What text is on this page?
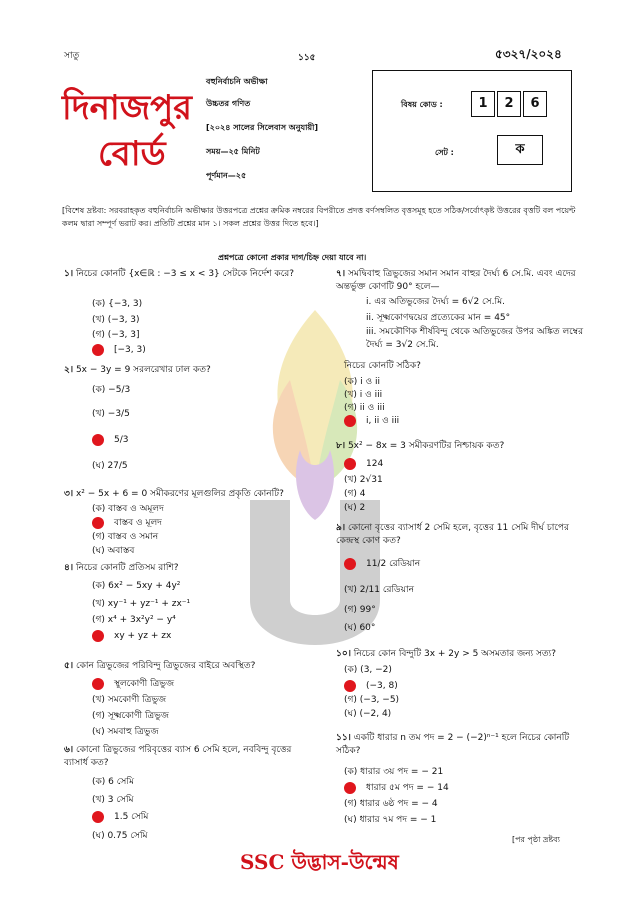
সাতু	১১৫	৫৩২৭/২০২৪
দিনাজপুর
বোর্ড
বহুনির্বাচনি অভীক্ষা
উচ্চতর গণিত
[২০২৪ সালের সিলেবাস অনুযায়ী]
সময়—২৫ মিনিট
পূর্ণমান—২৫
বিষয় কোড :	1	2	6
সেট :	ক
[বিশেষ দ্রষ্টব্য: সরবরাহকৃত বহুনির্বাচনি অভীক্ষার উত্তরপত্রে প্রশ্নের ক্রমিক নম্বরের বিপরীতে প্রদত্ত বর্ণসম্বলিত বৃত্তসমূহ হতে সঠিক/সর্বোৎকৃষ্ট উত্তরের বৃত্তটি বল পয়েন্ট কলম দ্বারা সম্পূর্ণ ভরাট কর। প্রতিটি প্রশ্নের মান ১। সকল প্রশ্নের উত্তর দিতে হবে।]
প্রশ্নপত্রে কোনো প্রকার দাগ/চিহ্ন দেয়া যাবে না।
১। নিচের কোনটি {x∈ℝ : −3 ≤ x < 3} সেটকে নির্দেশ করে?
(ক) {−3, 3)
(খ) (−3, 3)
(গ) (−3, 3]
[−3, 3)
২। 5x − 3y = 9 সরলরেখার ঢাল কত?
(ক) −5/3
(খ) −3/5
5/3
(ঘ) 27/5
৩। x² − 5x + 6 = 0 সমীকরণের মূলগুলির প্রকৃতি কোনটি?
(ক) বাস্তব ও অমূলদ
বাস্তব ও মূলদ
(গ) বাস্তব ও সমান
(ঘ) অবাস্তব
৪। নিচের কোনটি প্রতিসম রাশি?
(ক) 6x² − 5xy + 4y²
(খ) xy⁻¹ + yz⁻¹ + zx⁻¹
(গ) x⁴ + 3x²y² − y⁴
xy + yz + zx
৫। কোন ত্রিভুজের পরিবিন্দু ত্রিভুজের বাইরে অবস্থিত?
স্থূলকোণী ত্রিভুজ
(খ) সমকোণী ত্রিভুজ
(গ) সূক্ষ্মকোণী ত্রিভুজ
(ঘ) সমবাহু ত্রিভুজ
৬। কোনো ত্রিভুজের পরিবৃত্তের ব্যাস 6 সেমি হলে, নববিন্দু বৃত্তের ব্যাসার্ধ কত?
(ক) 6 সেমি
(খ) 3 সেমি
1.5 সেমি
(ঘ) 0.75 সেমি
৭। সমদ্বিবাহু ত্রিভুজের সমান সমান বাহুর দৈর্ঘ্য 6 সে.মি. এবং এদের অন্তর্ভুক্ত কোণটি 90° হলে—
i. এর অতিভুজের দৈর্ঘ্য = 6√2 সে.মি.
ii. সূক্ষ্মকোণদ্বয়ের প্রত্যেকের মান = 45°
iii. সমকৌণিক শীর্ষবিন্দু থেকে অতিভুজের উপর অঙ্কিত লম্বের দৈর্ঘ্য = 3√2 সে.মি.
নিচের কোনটি সঠিক?
(ক) i ও ii
(খ) i ও iii
(গ) ii ও iii
i, ii ও iii
৮। 5x² − 8x = 3 সমীকরণটির নিশ্চায়ক কত?
124
(খ) 2√31
(গ) 4
(ঘ) 2
৯। কোনো বৃত্তের ব্যাসার্ধ 2 সেমি হলে, বৃত্তের 11 সেমি দীর্ঘ চাপের কেন্দ্রস্থ কোণ কত?
11/2 রেডিয়ান
(খ) 2/11 রেডিয়ান
(গ) 99°
(ঘ) 60°
১০। নিচের কোন বিন্দুটি 3x + 2y > 5 অসমতার জন্য সত্য?
(ক) (3, −2)
(−3, 8)
(গ) (−3, −5)
(ঘ) (−2, 4)
১১। একটি ধারার n তম পদ = 2 − (−2)ⁿ⁻¹ হলে নিচের কোনটি সঠিক?
(ক) ধারার ৩য় পদ = − 21
ধারার ৫ম পদ = − 14
(গ) ধারার ৬ষ্ঠ পদ = − 4
(ঘ) ধারার ৭ম পদ = − 1
[পর পৃষ্ঠা দ্রষ্টব্য
SSC উদ্ভাস-উন্মেষ
